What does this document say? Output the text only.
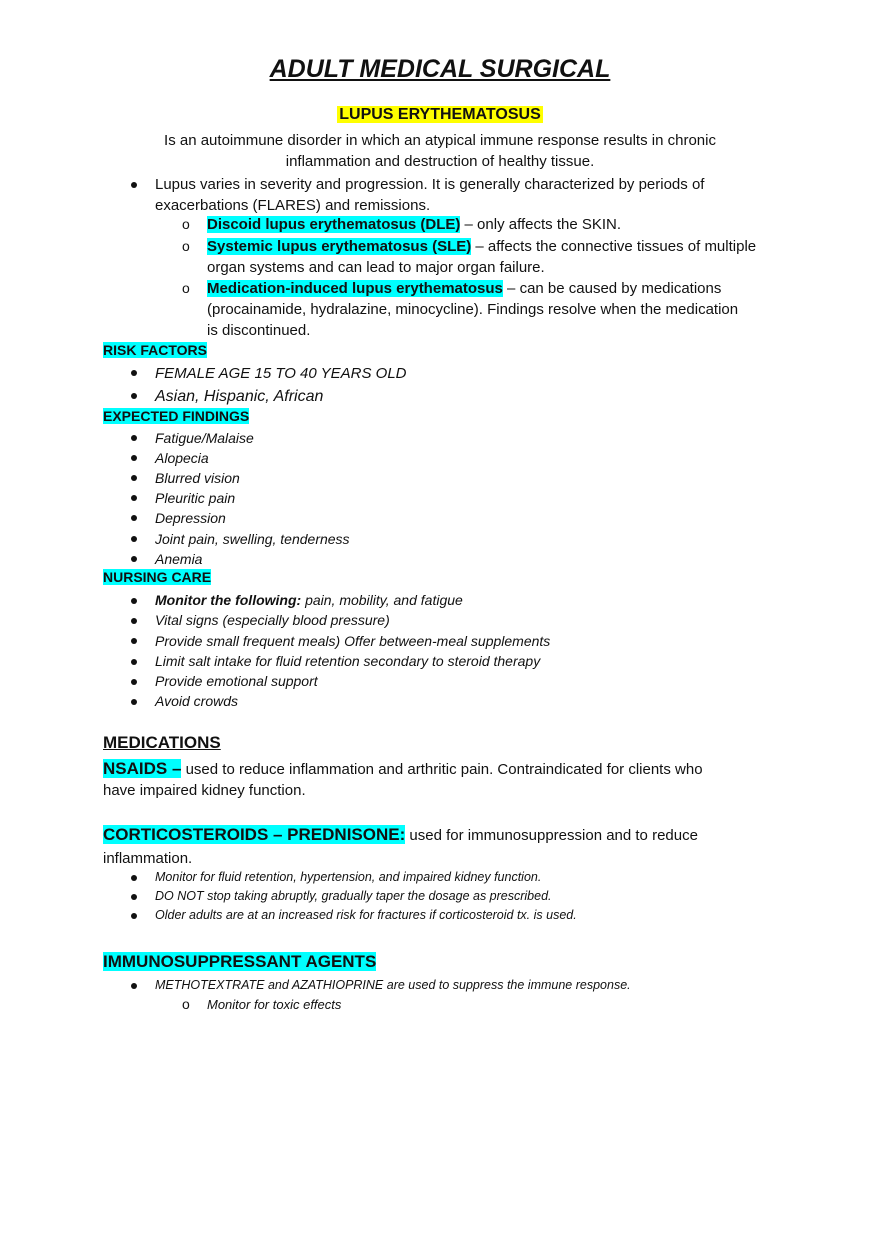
ADULT MEDICAL SURGICAL
LUPUS ERYTHEMATOSUS
Is an autoimmune disorder in which an atypical immune response results in chronic
inflammation and destruction of healthy tissue.
Lupus varies in severity and progression. It is generally characterized by periods of
exacerbations (FLARES) and remissions.
o Discoid lupus erythematosus (DLE) – only affects the SKIN.
o Systemic lupus erythematosus (SLE) – affects the connective tissues of multiple
organ systems and can lead to major organ failure.
o Medication-induced lupus erythematosus – can be caused by medications
(procainamide, hydralazine, minocycline). Findings resolve when the medication
is discontinued.
RISK FACTORS
FEMALE AGE 15 TO 40 YEARS OLD
Asian, Hispanic, African
EXPECTED FINDINGS
Fatigue/Malaise
Alopecia
Blurred vision
Pleuritic pain
Depression
Joint pain, swelling, tenderness
Anemia
NURSING CARE
Monitor the following: pain, mobility, and fatigue
Vital signs (especially blood pressure)
Provide small frequent meals) Offer between-meal supplements
Limit salt intake for fluid retention secondary to steroid therapy
Provide emotional support
Avoid crowds
MEDICATIONS
NSAIDS – used to reduce inflammation and arthritic pain. Contraindicated for clients who
have impaired kidney function.
CORTICOSTEROIDS – PREDNISONE: used for immunosuppression and to reduce
inflammation.
Monitor for fluid retention, hypertension, and impaired kidney function.
DO NOT stop taking abruptly, gradually taper the dosage as prescribed.
Older adults are at an increased risk for fractures if corticosteroid tx. is used.
IMMUNOSUPPRESSANT AGENTS
METHOTEXTRATE and AZATHIOPRINE are used to suppress the immune response.
o Monitor for toxic effects
